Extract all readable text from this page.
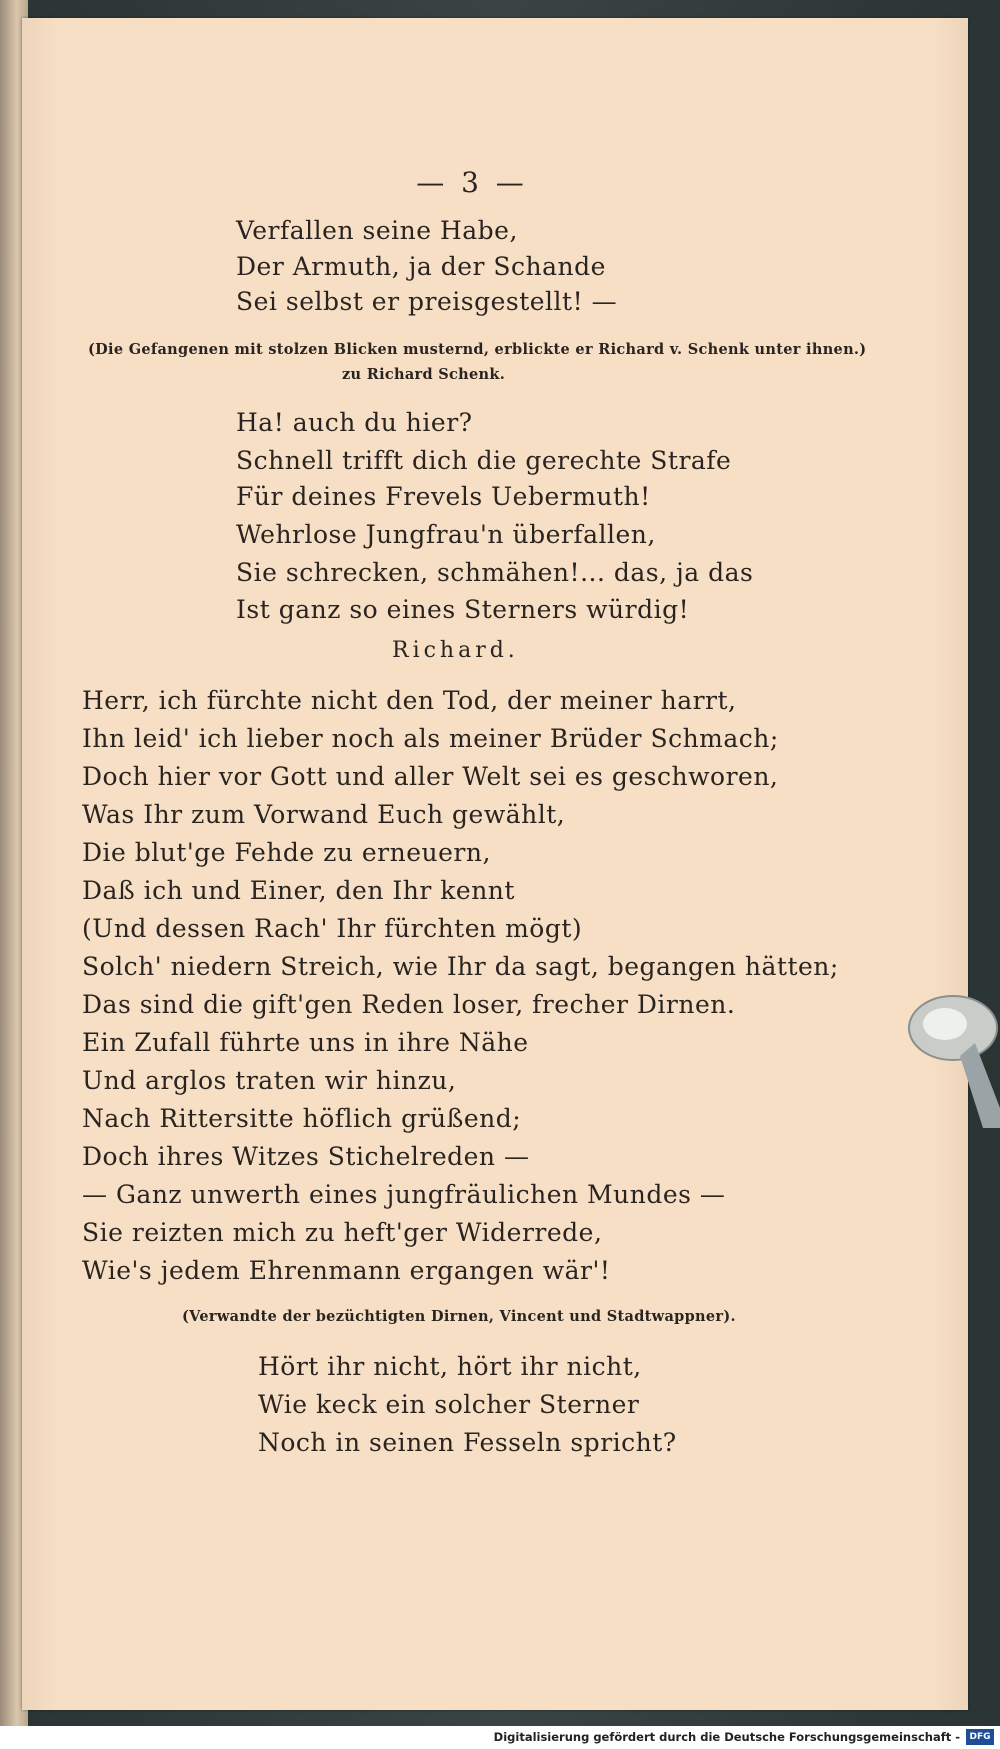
— 3 —
Verfallen seine Habe,
Der Armuth, ja der Schande
Sei selbst er preisgestellt! —
(Die Gefangenen mit stolzen Blicken musternd, erblickte er Richard v. Schenk unter ihnen.)
zu Richard Schenk.
Ha! auch du hier?
Schnell trifft dich die gerechte Strafe
Für deines Frevels Uebermuth!
Wehrlose Jungfrau'n überfallen,
Sie schrecken, schmähen!... das, ja das
Ist ganz so eines Sterners würdig!
Richard.
Herr, ich fürchte nicht den Tod, der meiner harrt,
Ihn leid' ich lieber noch als meiner Brüder Schmach;
Doch hier vor Gott und aller Welt sei es geschworen,
Was Ihr zum Vorwand Euch gewählt,
Die blut'ge Fehde zu erneuern,
Daß ich und Einer, den Ihr kennt
(Und dessen Rach' Ihr fürchten mögt)
Solch' niedern Streich, wie Ihr da sagt, begangen hätten;
Das sind die gift'gen Reden loser, frecher Dirnen.
Ein Zufall führte uns in ihre Nähe
Und arglos traten wir hinzu,
Nach Rittersitte höflich grüßend;
Doch ihres Witzes Stichelreden —
— Ganz unwerth eines jungfräulichen Mundes —
Sie reizten mich zu heft'ger Widerrede,
Wie's jedem Ehrenmann ergangen wär'!
(Verwandte der bezüchtigten Dirnen, Vincent und Stadtwappner).
Hört ihr nicht, hört ihr nicht,
Wie keck ein solcher Sterner
Noch in seinen Fesseln spricht?
Digitalisierung gefördert durch die Deutsche Forschungsgemeinschaft -	DFG
